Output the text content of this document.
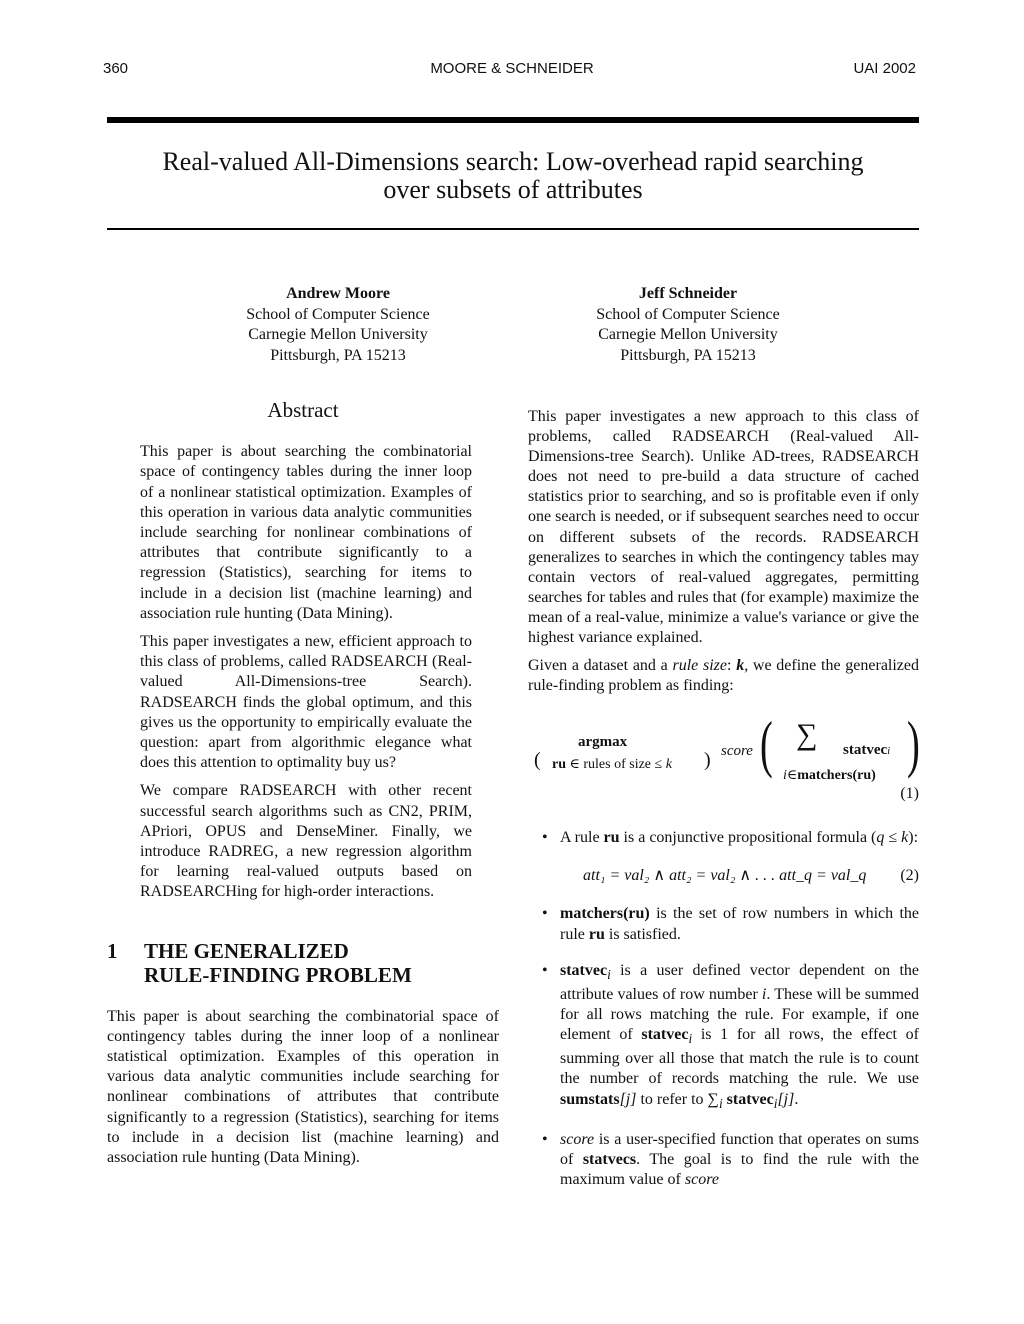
360	MOORE & SCHNEIDER	UAI 2002
Real-valued All-Dimensions search: Low-overhead rapid searching
over subsets of attributes
Andrew Moore
School of Computer Science
Carnegie Mellon University
Pittsburgh, PA 15213
Jeff Schneider
School of Computer Science
Carnegie Mellon University
Pittsburgh, PA 15213
Abstract

This paper is about searching the combinatorial space of contingency tables during the inner loop of a nonlinear statistical optimization. Examples of this operation in various data analytic communities include searching for nonlinear combinations of attributes that contribute significantly to a regression (Statistics), searching for items to include in a decision list (machine learning) and association rule hunting (Data Mining).

This paper investigates a new, efficient approach to this class of problems, called RADSEARCH (Real-valued All-Dimensions-tree Search). RADSEARCH finds the global optimum, and this gives us the opportunity to empirically evaluate the question: apart from algorithmic elegance what does this attention to optimality buy us?

We compare RADSEARCH with other recent successful search algorithms such as CN2, PRIM, APriori, OPUS and DenseMiner. Finally, we introduce RADREG, a new regression algorithm for learning real-valued outputs based on RADSEARCHing for high-order interactions.

1	THE GENERALIZED
RULE-FINDING PROBLEM

This paper is about searching the combinatorial space of contingency tables during the inner loop of a nonlinear statistical optimization. Examples of this operation in various data analytic communities include searching for nonlinear combinations of attributes that contribute significantly to a regression (Statistics), searching for items to include in a decision list (machine learning) and association rule hunting (Data Mining).

This paper investigates a new approach to this class of problems, called RADSEARCH (Real-valued All-Dimensions-tree Search). Unlike AD-trees, RADSEARCH does not need to pre-build a data structure of cached statistics prior to searching, and so is profitable even if only one search is needed, or if subsequent searches need to occur on different subsets of the records. RADSEARCH generalizes to searches in which the contingency tables may contain vectors of real-valued aggregates, permitting searches for tables and rules that (for example) maximize the mean of a real-value, minimize a value's variance or give the highest variance explained.

Given a dataset and a rule size: k, we define the generalized rule-finding problem as finding:

argmax
( ru ∈ rules of size ≤ k ) score ( ∑ statveci
i∈matchers(ru) )
(1)
• A rule ru is a conjunctive propositional formula (q ≤ k):
att₁ = val₂ ∧ att₂ = val₂ ∧ . . . att_q = val_q (2)
• matchers(ru) is the set of row numbers in which the rule ru is satisfied.
• statvec$_i$ is a user defined vector dependent on the attribute values of row number i. These will be summed for all rows matching the rule. For example, if one element of statvec$_i$ is 1 for all rows, the effect of summing over all those that match the rule is to count the number of records matching the rule. We use sumstats[j] to refer to $\sum_i$ statvec$_i$[j].
• score is a user-specified function that operates on sums of statvecs. The goal is to find the rule with the maximum value of score
